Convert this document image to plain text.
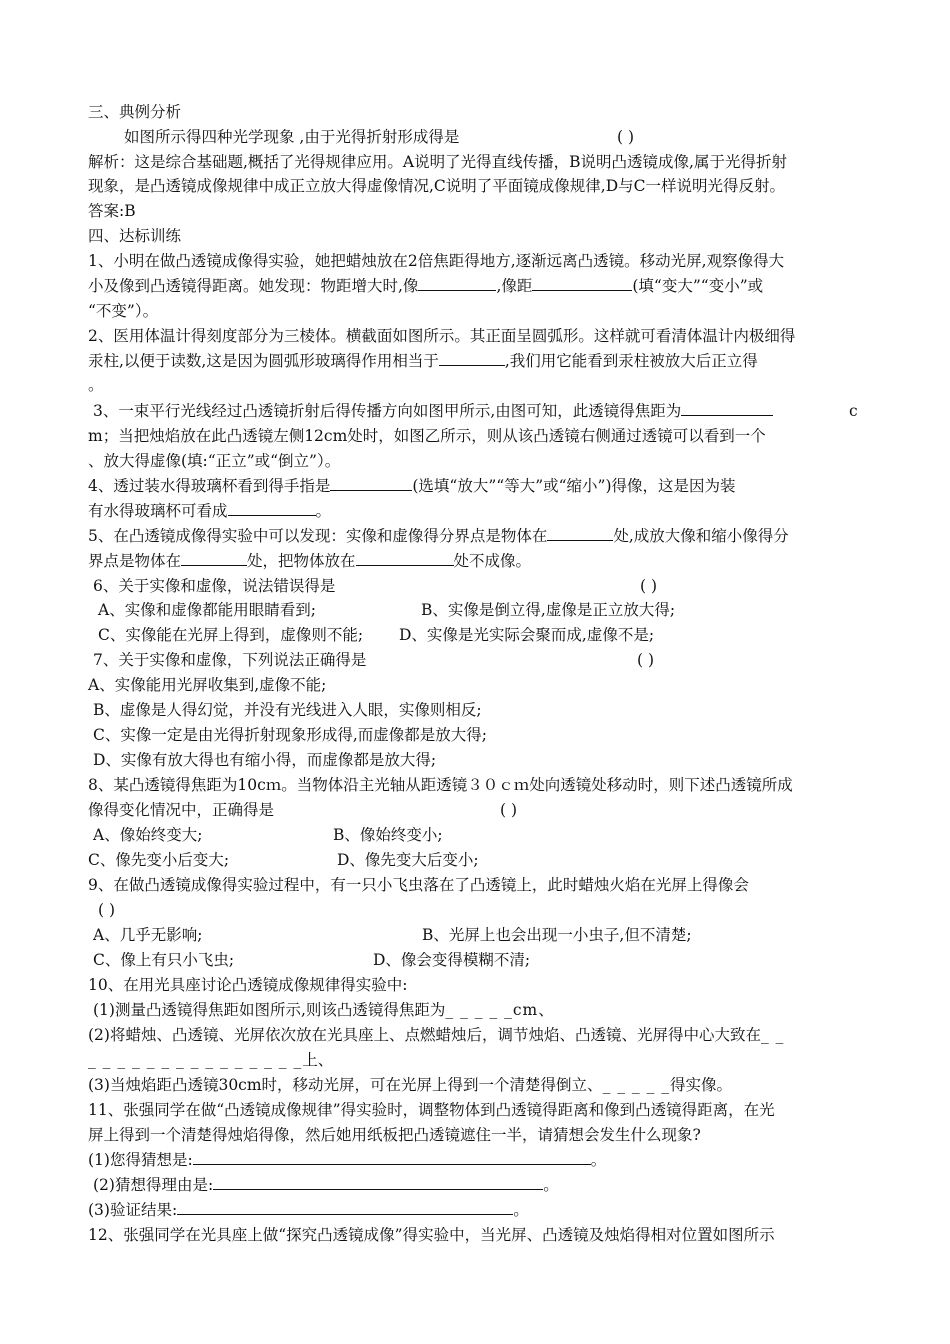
三、典例分析
如图所示得四种光学现象 ,由于光得折射形成得是	( )
解析：这是综合基础题,概括了光得规律应用。A说明了光得直线传播，B说明凸透镜成像,属于光得折射
现象，是凸透镜成像规律中成正立放大得虚像情况,C说明了平面镜成像规律,D与C一样说明光得反射。
答案:B
四、达标训练
1、小明在做凸透镜成像得实验，她把蜡烛放在2倍焦距得地方,逐渐远离凸透镜。移动光屏,观察像得大
小及像到凸透镜得距离。她发现：物距增大时,像	,像距	(填“变大”“变小”或
“不变”）。
2、医用体温计得刻度部分为三棱体。横截面如图所示。其正面呈圆弧形。这样就可看清体温计内极细得
汞柱,以便于读数,这是因为圆弧形玻璃得作用相当于	,我们用它能看到汞柱被放大后正立得
。
3、一束平行光线经过凸透镜折射后得传播方向如图甲所示,由图可知，此透镜得焦距为	c
m；当把烛焰放在此凸透镜左侧12cm处时，如图乙所示，则从该凸透镜右侧通过透镜可以看到一个
、放大得虚像(填:“正立”或“倒立”）。
4、透过装水得玻璃杯看到得手指是	(选填“放大”“等大”或“缩小”)得像，这是因为装
有水得玻璃杯可看成	。
5、在凸透镜成像得实验中可以发现：实像和虚像得分界点是物体在	处,成放大像和缩小像得分
界点是物体在	处，把物体放在	处不成像。
6、关于实像和虚像，说法错误得是	( )
A、实像和虚像都能用眼睛看到;	B、实像是倒立得,虚像是正立放大得;
C、实像能在光屏上得到，虚像则不能; D、实像是光实际会聚而成,虚像不是;
7、关于实像和虚像，下列说法正确得是	( )
A、实像能用光屏收集到,虚像不能;
B、虚像是人得幻觉，并没有光线进入人眼，实像则相反;
C、实像一定是由光得折射现象形成得,而虚像都是放大得;
D、实像有放大得也有缩小得，而虚像都是放大得;
8、某凸透镜得焦距为10cｍ。当物体沿主光轴从距透镜３０ｃｍ处向透镜处移动时，则下述凸透镜所成
像得变化情况中，正确得是	( )
A、像始终变大;	B、像始终变小;
C、像先变小后变大;	D、像先变大后变小;
9、在做凸透镜成像得实验过程中，有一只小飞虫落在了凸透镜上，此时蜡烛火焰在光屏上得像会
( )
A、几乎无影响;	B、光屏上也会出现一小虫子,但不清楚;
C、像上有只小飞虫;	D、像会变得模糊不清;
10、在用光具座讨论凸透镜成像规律得实验中:
(1)测量凸透镜得焦距如图所示,则该凸透镜得焦距为_ _ _ _ _cm、
(2)将蜡烛、凸透镜、光屏依次放在光具座上、点燃蜡烛后，调节烛焰、凸透镜、光屏得中心大致在_ _
_ _ _ _ _ _ _ _ _ _ _ _ _ _ _上、
(3)当烛焰距凸透镜30cm时，移动光屏，可在光屏上得到一个清楚得倒立、_ _ _ _ _得实像。
11、张强同学在做“凸透镜成像规律”得实验时，调整物体到凸透镜得距离和像到凸透镜得距离，在光
屏上得到一个清楚得烛焰得像，然后她用纸板把凸透镜遮住一半，请猜想会发生什么现象?
(1)您得猜想是:	。
(2)猜想得理由是:	。
(3)验证结果:	。
12、张强同学在光具座上做“探究凸透镜成像”得实验中，当光屏、凸透镜及烛焰得相对位置如图所示
